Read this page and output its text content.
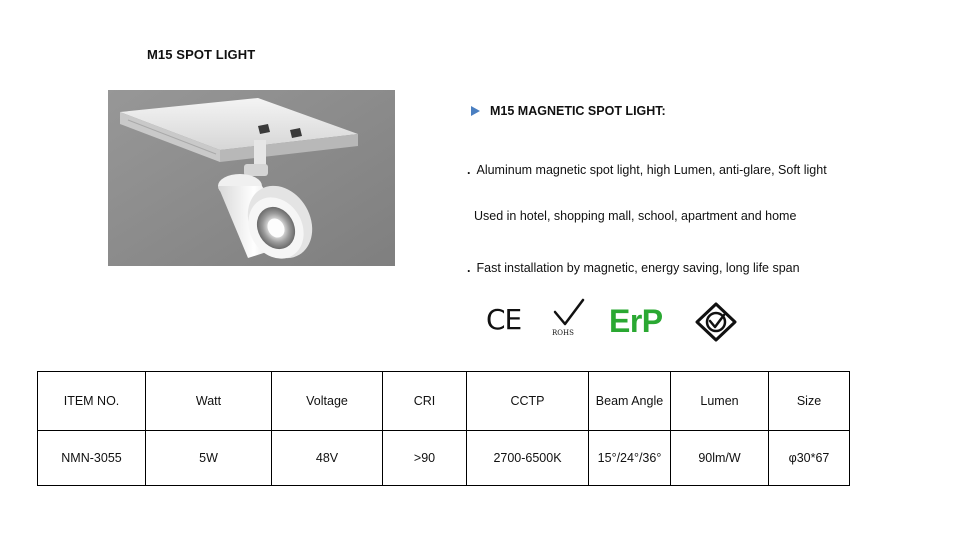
M15 SPOT LIGHT
M15 MAGNETIC SPOT LIGHT:
. Aluminum magnetic spot light, high Lumen, anti-glare, Soft light
Used in hotel, shopping mall, school, apartment and home
. Fast installation by magnetic, energy saving, long life span
CE	ROHS ErP
ITEM NO.	Watt	Voltage	CRI	CCTP	Beam Angle	Lumen	Size
NMN-3055	5W	48V	>90	2700-6500K	15°/24°/36°	90lm/W	φ30*67
